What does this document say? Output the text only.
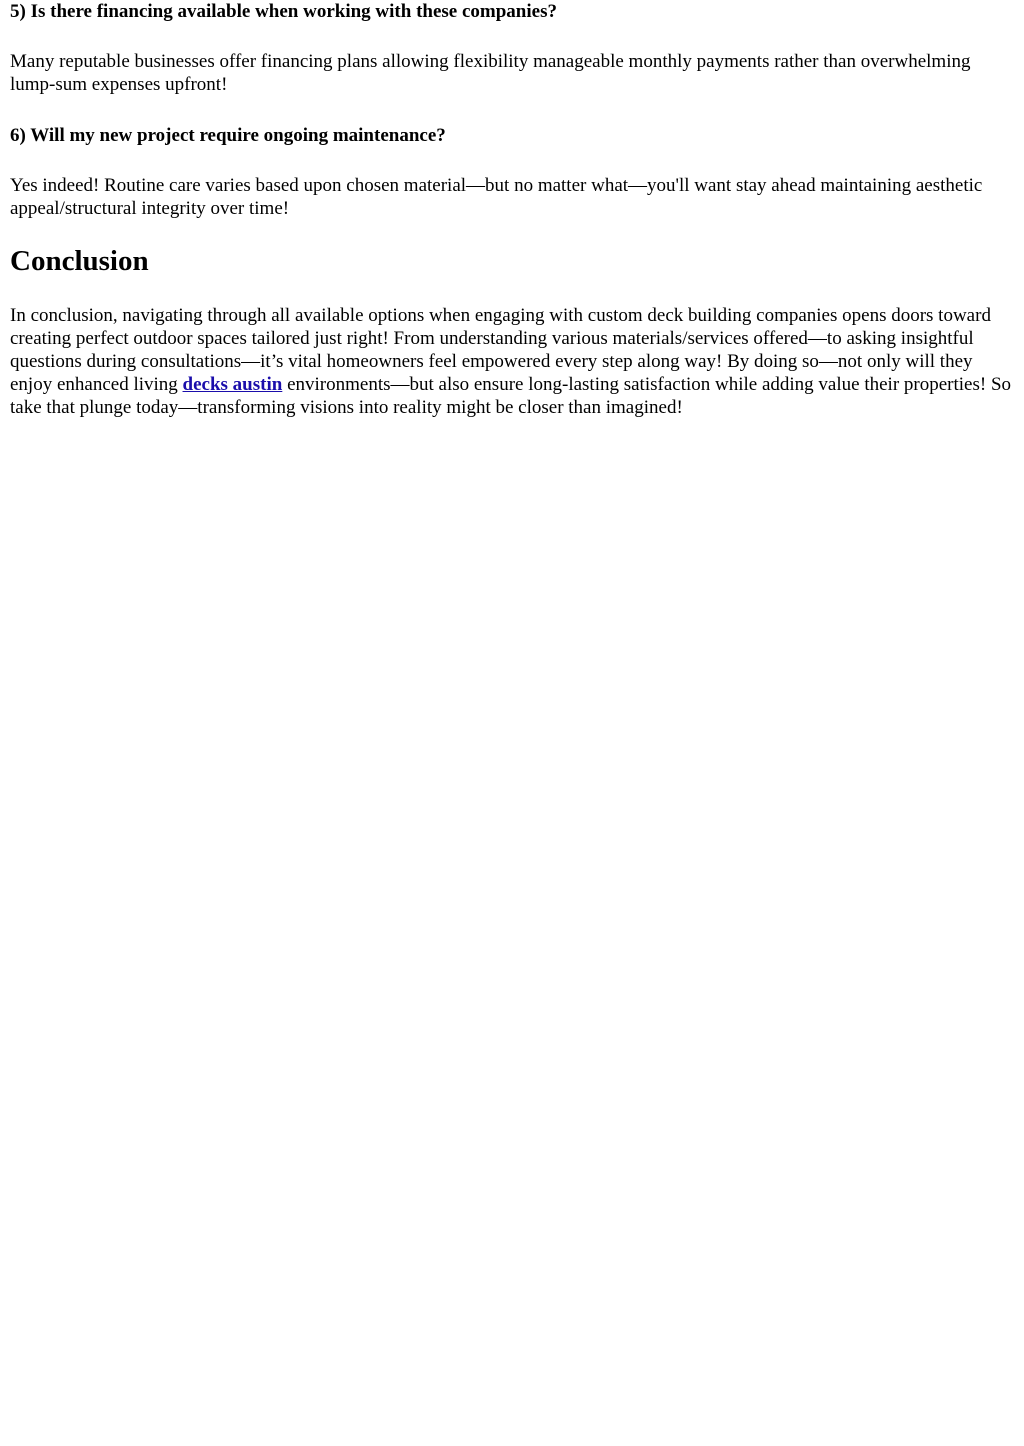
5) Is there financing available when working with these companies?

Many reputable businesses offer financing plans allowing flexibility manageable monthly payments rather than overwhelming lump-sum expenses upfront!

6) Will my new project require ongoing maintenance?

Yes indeed! Routine care varies based upon chosen material—but no matter what—you'll want stay ahead maintaining aesthetic appeal/structural integrity over time!

Conclusion

In conclusion, navigating through all available options when engaging with custom deck building companies opens doors toward creating perfect outdoor spaces tailored just right! From understanding various materials/services offered—to asking insightful questions during consultations—it’s vital homeowners feel empowered every step along way! By doing so—not only will they enjoy enhanced living decks austin environments—but also ensure long-lasting satisfaction while adding value their properties! So take that plunge today—transforming visions into reality might be closer than imagined!
